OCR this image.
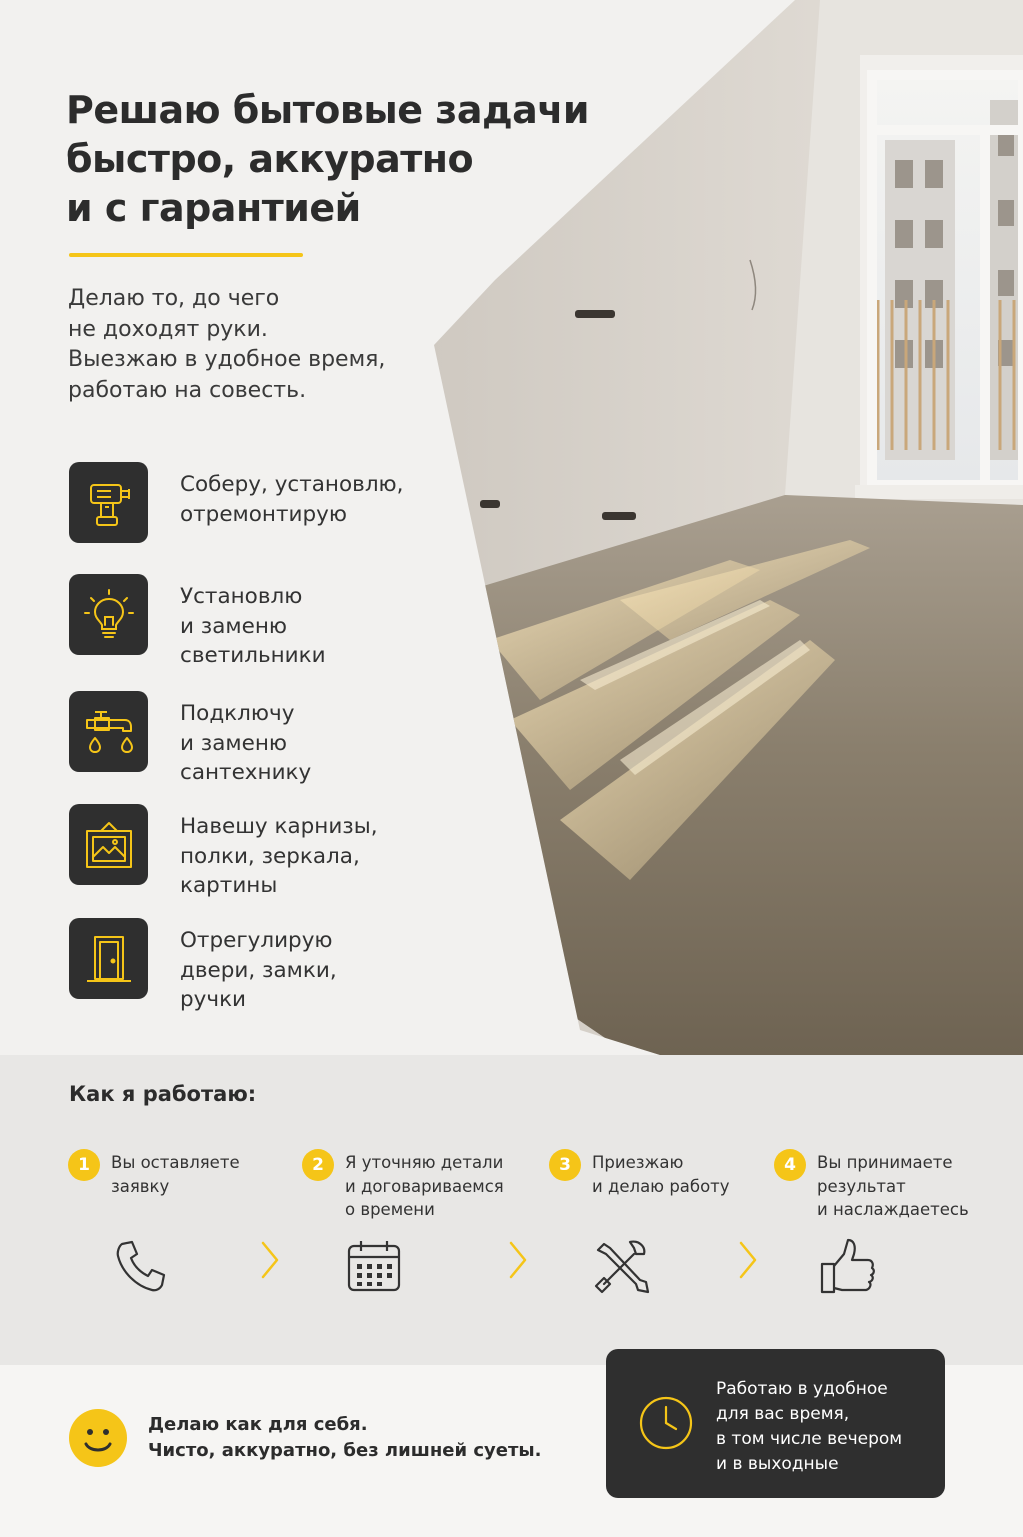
Решаю бытовые задачи
быстро, аккуратно
и с гарантией
Делаю то, до чего
не доходят руки.
Выезжаю в удобное время,
работаю на совесть.
Соберу, установлю,
отремонтирую
Установлю
и заменю
светильники
Подключу
и заменю
сантехнику
Навешу карнизы,
полки, зеркала,
картины
Отрегулирую
двери, замки,
ручки
Как я работаю:
1	Вы оставляете
заявку
2	Я уточняю детали
и договариваемся
о времени
3	Приезжаю
и делаю работу
4	Вы принимаете
результат
и наслаждаетесь
Делаю как для себя.
Чисто, аккуратно, без лишней суеты.
Работаю в удобное
для вас время,
в том числе вечером
и в выходные
